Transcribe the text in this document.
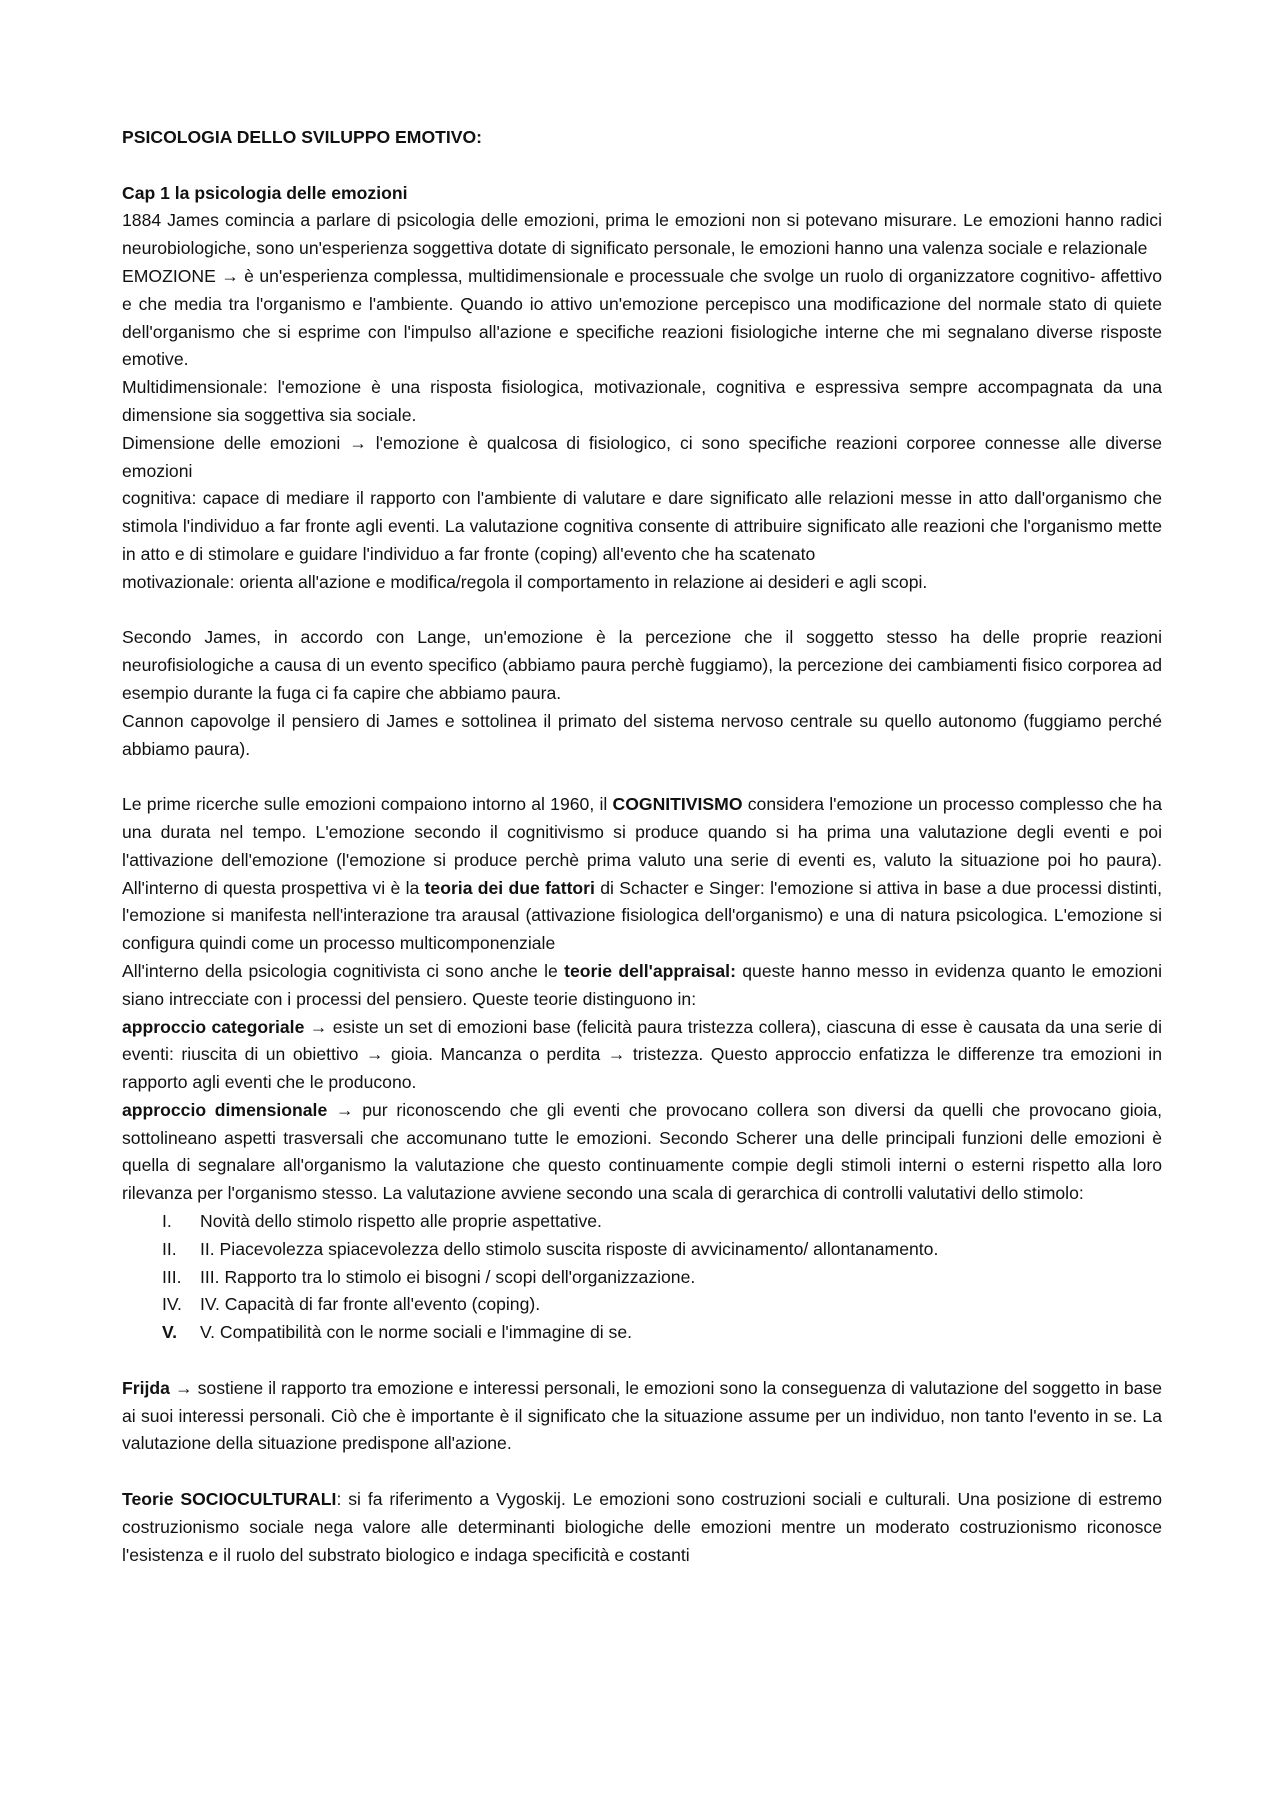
PSICOLOGIA DELLO SVILUPPO EMOTIVO:

Cap 1 la psicologia delle emozioni

1884 James comincia a parlare di psicologia delle emozioni, prima le emozioni non si potevano misurare. Le emozioni hanno radici neurobiologiche, sono un'esperienza soggettiva dotate di significato personale, le emozioni hanno una valenza sociale e relazionale

EMOZIONE → è un'esperienza complessa, multidimensionale e processuale che svolge un ruolo di organizzatore cognitivo- affettivo e che media tra l'organismo e l'ambiente. Quando io attivo un'emozione percepisco una modificazione del normale stato di quiete dell'organismo che si esprime con l'impulso all'azione e specifiche reazioni fisiologiche interne che mi segnalano diverse risposte emotive.

Multidimensionale: l'emozione è una risposta fisiologica, motivazionale, cognitiva e espressiva sempre accompagnata da una dimensione sia soggettiva sia sociale.

Dimensione delle emozioni → l'emozione è qualcosa di fisiologico, ci sono specifiche reazioni corporee connesse alle diverse emozioni

cognitiva: capace di mediare il rapporto con l'ambiente di valutare e dare significato alle relazioni messe in atto dall'organismo che stimola l'individuo a far fronte agli eventi. La valutazione cognitiva consente di attribuire significato alle reazioni che l'organismo mette in atto e di stimolare e guidare l'individuo a far fronte (coping) all'evento che ha scatenato

motivazionale: orienta all'azione e modifica/regola il comportamento in relazione ai desideri e agli scopi.

Secondo James, in accordo con Lange, un'emozione è la percezione che il soggetto stesso ha delle proprie reazioni neurofisiologiche a causa di un evento specifico (abbiamo paura perchè fuggiamo), la percezione dei cambiamenti fisico corporea ad esempio durante la fuga ci fa capire che abbiamo paura.

Cannon capovolge il pensiero di James e sottolinea il primato del sistema nervoso centrale su quello autonomo (fuggiamo perché abbiamo paura).

Le prime ricerche sulle emozioni compaiono intorno al 1960, il COGNITIVISMO considera l'emozione un processo complesso che ha una durata nel tempo. L'emozione secondo il cognitivismo si produce quando si ha prima una valutazione degli eventi e poi l'attivazione dell'emozione (l'emozione si produce perchè prima valuto una serie di eventi es, valuto la situazione poi ho paura). All'interno di questa prospettiva vi è la teoria dei due fattori di Schacter e Singer: l'emozione si attiva in base a due processi distinti, l'emozione si manifesta nell'interazione tra arausal (attivazione fisiologica dell'organismo) e una di natura psicologica. L'emozione si configura quindi come un processo multicomponenziale

All'interno della psicologia cognitivista ci sono anche le teorie dell'appraisal: queste hanno messo in evidenza quanto le emozioni siano intrecciate con i processi del pensiero. Queste teorie distinguono in:

approccio categoriale → esiste un set di emozioni base (felicità paura tristezza collera), ciascuna di esse è causata da una serie di eventi: riuscita di un obiettivo → gioia. Mancanza o perdita → tristezza. Questo approccio enfatizza le differenze tra emozioni in rapporto agli eventi che le producono.

approccio dimensionale → pur riconoscendo che gli eventi che provocano collera son diversi da quelli che provocano gioia, sottolineano aspetti trasversali che accomunano tutte le emozioni. Secondo Scherer una delle principali funzioni delle emozioni è quella di segnalare all'organismo la valutazione che questo continuamente compie degli stimoli interni o esterni rispetto alla loro rilevanza per l'organismo stesso. La valutazione avviene secondo una scala di gerarchica di controlli valutativi dello stimolo:

I.	Novità dello stimolo rispetto alle proprie aspettative.
II.	II. Piacevolezza spiacevolezza dello stimolo suscita risposte di avvicinamento/ allontanamento.
III.	III. Rapporto tra lo stimolo ei bisogni / scopi dell'organizzazione.
IV.	IV. Capacità di far fronte all'evento (coping).
V.	V. Compatibilità con le norme sociali e l'immagine di se.

Frijda → sostiene il rapporto tra emozione e interessi personali, le emozioni sono la conseguenza di valutazione del soggetto in base ai suoi interessi personali. Ciò che è importante è il significato che la situazione assume per un individuo, non tanto l'evento in se. La valutazione della situazione predispone all'azione.

Teorie SOCIOCULTURALI: si fa riferimento a Vygoskij. Le emozioni sono costruzioni sociali e culturali. Una posizione di estremo costruzionismo sociale nega valore alle determinanti biologiche delle emozioni mentre un moderato costruzionismo riconosce l'esistenza e il ruolo del substrato biologico e indaga specificità e costanti
